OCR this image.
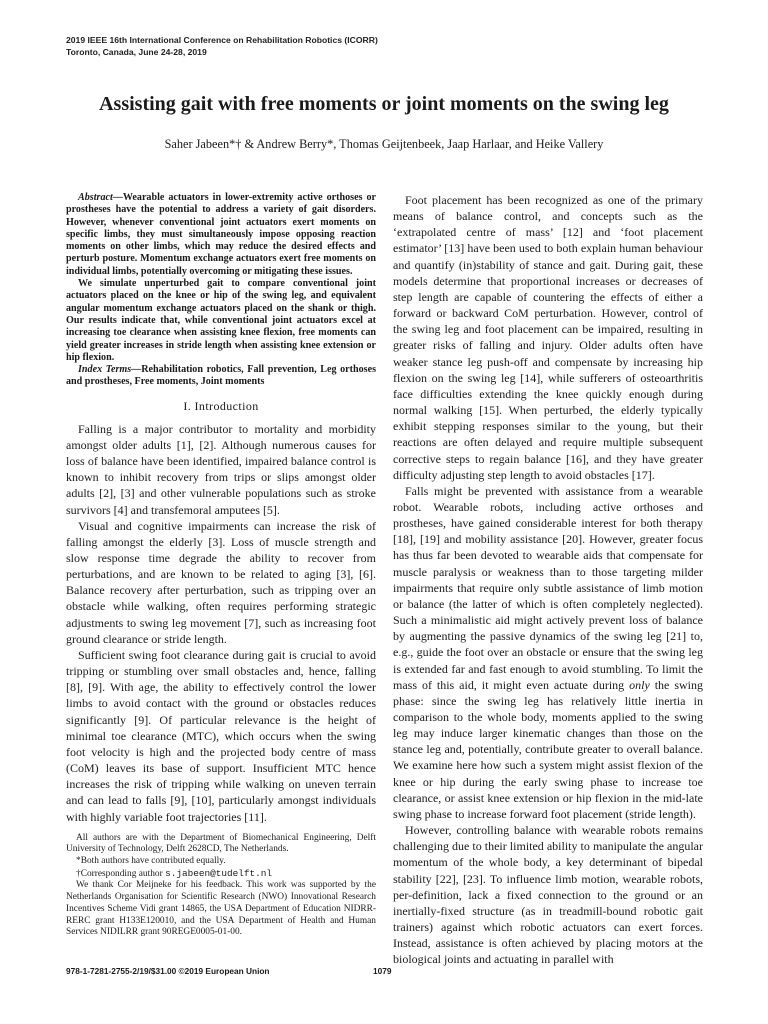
2019 IEEE 16th International Conference on Rehabilitation Robotics (ICORR)
Toronto, Canada, June 24-28, 2019
Assisting gait with free moments or joint moments on the swing leg
Saher Jabeen*† & Andrew Berry*, Thomas Geijtenbeek, Jaap Harlaar, and Heike Vallery

Abstract—Wearable actuators in lower-extremity active orthoses or prostheses have the potential to address a variety of gait disorders. However, whenever conventional joint actuators exert moments on specific limbs, they must simultaneously impose opposing reaction moments on other limbs, which may reduce the desired effects and perturb posture. Momentum exchange actuators exert free moments on individual limbs, potentially overcoming or mitigating these issues.

We simulate unperturbed gait to compare conventional joint actuators placed on the knee or hip of the swing leg, and equivalent angular momentum exchange actuators placed on the shank or thigh. Our results indicate that, while conventional joint actuators excel at increasing toe clearance when assisting knee flexion, free moments can yield greater increases in stride length when assisting knee extension or hip flexion.

Index Terms—Rehabilitation robotics, Fall prevention, Leg orthoses and prostheses, Free moments, Joint moments

I. Introduction

Falling is a major contributor to mortality and morbidity amongst older adults [1], [2]. Although numerous causes for loss of balance have been identified, impaired balance control is known to inhibit recovery from trips or slips amongst older adults [2], [3] and other vulnerable populations such as stroke survivors [4] and transfemoral amputees [5].

Visual and cognitive impairments can increase the risk of falling amongst the elderly [3]. Loss of muscle strength and slow response time degrade the ability to recover from perturbations, and are known to be related to aging [3], [6]. Balance recovery after perturbation, such as tripping over an obstacle while walking, often requires performing strategic adjustments to swing leg movement [7], such as increasing foot ground clearance or stride length.

Sufficient swing foot clearance during gait is crucial to avoid tripping or stumbling over small obstacles and, hence, falling [8], [9]. With age, the ability to effectively control the lower limbs to avoid contact with the ground or obstacles reduces significantly [9]. Of particular relevance is the height of minimal toe clearance (MTC), which occurs when the swing foot velocity is high and the projected body centre of mass (CoM) leaves its base of support. Insufficient MTC hence increases the risk of tripping while walking on uneven terrain and can lead to falls [9], [10], particularly amongst individuals with highly variable foot trajectories [11].

All authors are with the Department of Biomechanical Engineering, Delft University of Technology, Delft 2628CD, The Netherlands.

*Both authors have contributed equally.

†Corresponding author s.jabeen@tudelft.nl

We thank Cor Meijneke for his feedback. This work was supported by the Netherlands Organisation for Scientific Research (NWO) Innovational Research Incentives Scheme Vidi grant 14865, the USA Department of Education NIDRR-RERC grant H133E120010, and the USA Department of Health and Human Services NIDILRR grant 90REGE0005-01-00.

Foot placement has been recognized as one of the primary means of balance control, and concepts such as the ‘extrapolated centre of mass’ [12] and ‘foot placement estimator’ [13] have been used to both explain human behaviour and quantify (in)stability of stance and gait. During gait, these models determine that proportional increases or decreases of step length are capable of countering the effects of either a forward or backward CoM perturbation. However, control of the swing leg and foot placement can be impaired, resulting in greater risks of falling and injury. Older adults often have weaker stance leg push-off and compensate by increasing hip flexion on the swing leg [14], while sufferers of osteoarthritis face difficulties extending the knee quickly enough during normal walking [15]. When perturbed, the elderly typically exhibit stepping responses similar to the young, but their reactions are often delayed and require multiple subsequent corrective steps to regain balance [16], and they have greater difficulty adjusting step length to avoid obstacles [17].

Falls might be prevented with assistance from a wearable robot. Wearable robots, including active orthoses and prostheses, have gained considerable interest for both therapy [18], [19] and mobility assistance [20]. However, greater focus has thus far been devoted to wearable aids that compensate for muscle paralysis or weakness than to those targeting milder impairments that require only subtle assistance of limb motion or balance (the latter of which is often completely neglected). Such a minimalistic aid might actively prevent loss of balance by augmenting the passive dynamics of the swing leg [21] to, e.g., guide the foot over an obstacle or ensure that the swing leg is extended far and fast enough to avoid stumbling. To limit the mass of this aid, it might even actuate during only the swing phase: since the swing leg has relatively little inertia in comparison to the whole body, moments applied to the swing leg may induce larger kinematic changes than those on the stance leg and, potentially, contribute greater to overall balance. We examine here how such a system might assist flexion of the knee or hip during the early swing phase to increase toe clearance, or assist knee extension or hip flexion in the mid-late swing phase to increase forward foot placement (stride length).

However, controlling balance with wearable robots remains challenging due to their limited ability to manipulate the angular momentum of the whole body, a key determinant of bipedal stability [22], [23]. To influence limb motion, wearable robots, per-definition, lack a fixed connection to the ground or an inertially-fixed structure (as in treadmill-bound robotic gait trainers) against which robotic actuators can exert forces. Instead, assistance is often achieved by placing motors at the biological joints and actuating in parallel with

978-1-7281-2755-2/19/$31.00 ©2019 European Union	1079
